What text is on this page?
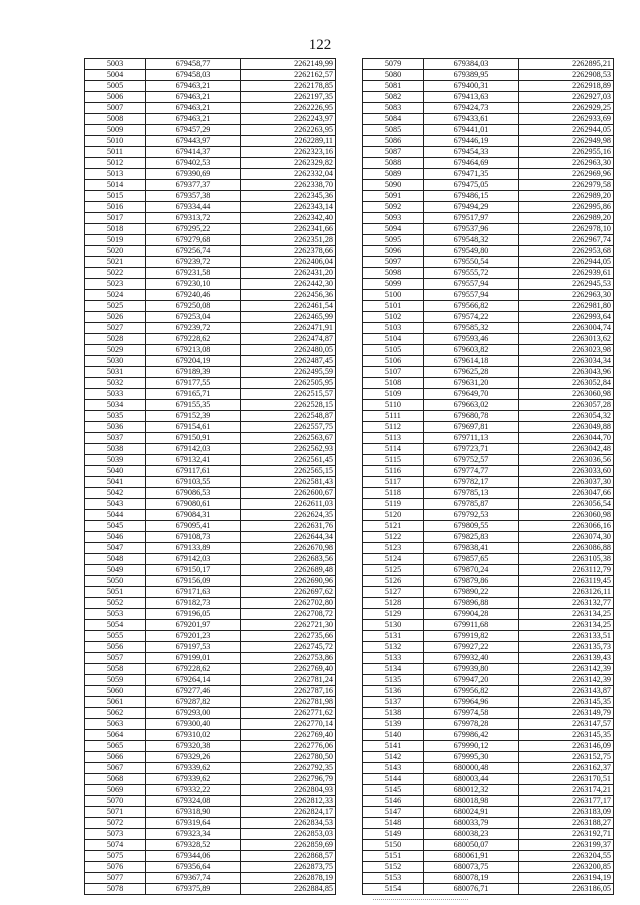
122
5003	679458,77	2262149,99
5004	679458,03	2262162,57
5005	679463,21	2262178,85
5006	679463,21	2262197,35
5007	679463,21	2262226,95
5008	679463,21	2262243,97
5009	679457,29	2262263,95
5010	679443,97	2262289,11
5011	679414,37	2262323,16
5012	679402,53	2262329,82
5013	679390,69	2262332,04
5014	679377,37	2262338,70
5015	679357,38	2262345,36
5016	679334,44	2262343,14
5017	679313,72	2262342,40
5018	679295,22	2262341,66
5019	679279,68	2262351,28
5020	679256,74	2262378,66
5021	679239,72	2262406,04
5022	679231,58	2262431,20
5023	679230,10	2262442,30
5024	679240,46	2262456,36
5025	679250,08	2262461,54
5026	679253,04	2262465,99
5027	679239,72	2262471,91
5028	679228,62	2262474,87
5029	679213,08	2262480,05
5030	679204,19	2262487,45
5031	679189,39	2262495,59
5032	679177,55	2262505,95
5033	679165,71	2262515,57
5034	679155,35	2262528,15
5035	679152,39	2262548,87
5036	679154,61	2262557,75
5037	679150,91	2262563,67
5038	679142,03	2262562,93
5039	679132,41	2262561,45
5040	679117,61	2262565,15
5041	679103,55	2262581,43
5042	679086,53	2262600,67
5043	679080,61	2262611,03
5044	679084,31	2262624,35
5045	679095,41	2262631,76
5046	679108,73	2262644,34
5047	679133,89	2262670,98
5048	679142,03	2262683,56
5049	679150,17	2262689,48
5050	679156,09	2262690,96
5051	679171,63	2262697,62
5052	679182,73	2262702,80
5053	679196,05	2262708,72
5054	679201,97	2262721,30
5055	679201,23	2262735,66
5056	679197,53	2262745,72
5057	679199,01	2262753,86
5058	679228,62	2262769,40
5059	679264,14	2262781,24
5060	679277,46	2262787,16
5061	679287,82	2262781,98
5062	679293,00	2262771,62
5063	679300,40	2262770,14
5064	679310,02	2262769,40
5065	679320,38	2262776,06
5066	679329,26	2262780,50
5067	679339,62	2262792,35
5068	679339,62	2262796,79
5069	679332,22	2262804,93
5070	679324,08	2262812,33
5071	679318,90	2262824,17
5072	679319,64	2262834,53
5073	679323,34	2262853,03
5074	679328,52	2262859,69
5075	679344,06	2262868,57
5076	679356,64	2262873,75
5077	679367,74	2262878,19
5078	679375,89	2262884,85
5079	679384,03	2262895,21
5080	679389,95	2262908,53
5081	679400,31	2262918,89
5082	679413,63	2262927,03
5083	679424,73	2262929,25
5084	679433,61	2262933,69
5085	679441,01	2262944,05
5086	679446,19	2262949,98
5087	679454,33	2262955,16
5088	679464,69	2262963,30
5089	679471,35	2262969,96
5090	679475,05	2262979,58
5091	679486,15	2262989,20
5092	679494,29	2262995,86
5093	679517,97	2262989,20
5094	679537,96	2262978,10
5095	679548,32	2262967,74
5096	679549,80	2262953,68
5097	679550,54	2262944,05
5098	679555,72	2262939,61
5099	679557,94	2262945,53
5100	679557,94	2262963,30
5101	679566,82	2262981,80
5102	679574,22	2262993,64
5103	679585,32	2263004,74
5104	679593,46	2263013,62
5105	679603,82	2263023,98
5106	679614,18	2263034,34
5107	679625,28	2263043,96
5108	679631,20	2263052,84
5109	679649,70	2263060,98
5110	679663,02	2263057,28
5111	679680,78	2263054,32
5112	679697,81	2263049,88
5113	679711,13	2263044,70
5114	679723,71	2263042,48
5115	679752,57	2263036,56
5116	679774,77	2263033,60
5117	679782,17	2263037,30
5118	679785,13	2263047,66
5119	679785,87	2263056,54
5120	679792,53	2263060,98
5121	679809,55	2263066,16
5122	679825,83	2263074,30
5123	679838,41	2263086,88
5124	679857,65	2263105,38
5125	679870,24	2263112,79
5126	679879,86	2263119,45
5127	679890,22	2263126,11
5128	679896,88	2263132,77
5129	679904,28	2263134,25
5130	679911,68	2263134,25
5131	679919,82	2263133,51
5132	679927,22	2263135,73
5133	679932,40	2263139,43
5134	679939,80	2263142,39
5135	679947,20	2263142,39
5136	679956,82	2263143,87
5137	679964,96	2263145,35
5138	679974,58	2263149,79
5139	679978,28	2263147,57
5140	679986,42	2263145,35
5141	679990,12	2263146,09
5142	679995,30	2263152,75
5143	680000,48	2263162,37
5144	680003,44	2263170,51
5145	680012,32	2263174,21
5146	680018,98	2263177,17
5147	680024,91	2263183,09
5148	680033,79	2263188,27
5149	680038,23	2263192,71
5150	680050,07	2263199,37
5151	680061,91	2263204,55
5152	680073,75	2263200,85
5153	680078,19	2263194,19
5154	680076,71	2263186,05
